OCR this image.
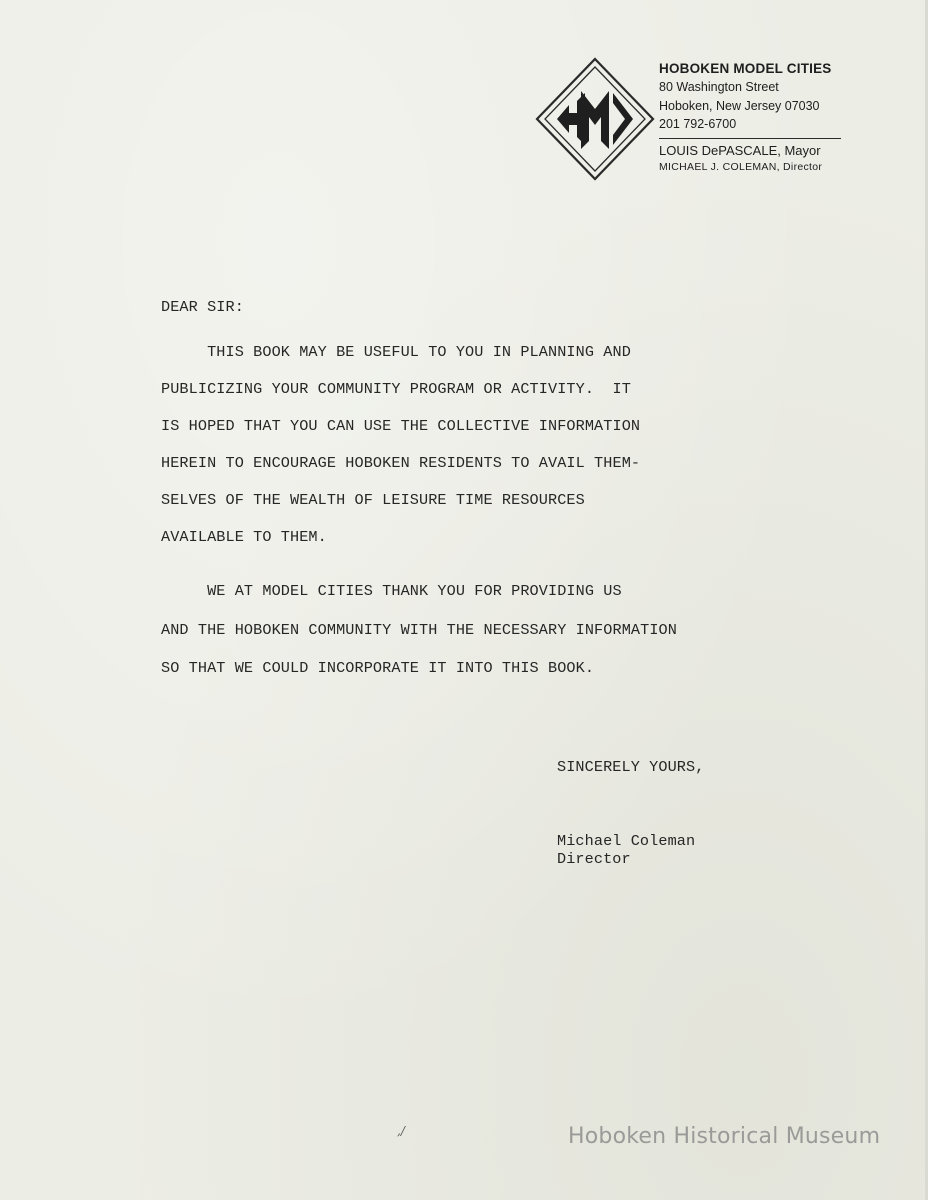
HOBOKEN MODEL CITIES
80 Washington Street
Hoboken, New Jersey 07030
201 792-6700
LOUIS DePASCALE, Mayor
MICHAEL J. COLEMAN, Director
DEAR SIR:
THIS BOOK MAY BE USEFUL TO YOU IN PLANNING AND
PUBLICIZING YOUR COMMUNITY PROGRAM OR ACTIVITY.  IT
IS HOPED THAT YOU CAN USE THE COLLECTIVE INFORMATION
HEREIN TO ENCOURAGE HOBOKEN RESIDENTS TO AVAIL THEM-
SELVES OF THE WEALTH OF LEISURE TIME RESOURCES
AVAILABLE TO THEM.
WE AT MODEL CITIES THANK YOU FOR PROVIDING US
AND THE HOBOKEN COMMUNITY WITH THE NECESSARY INFORMATION
SO THAT WE COULD INCORPORATE IT INTO THIS BOOK.
SINCERELY YOURS,
Michael Coleman
Director
,/	Hoboken Historical Museum
